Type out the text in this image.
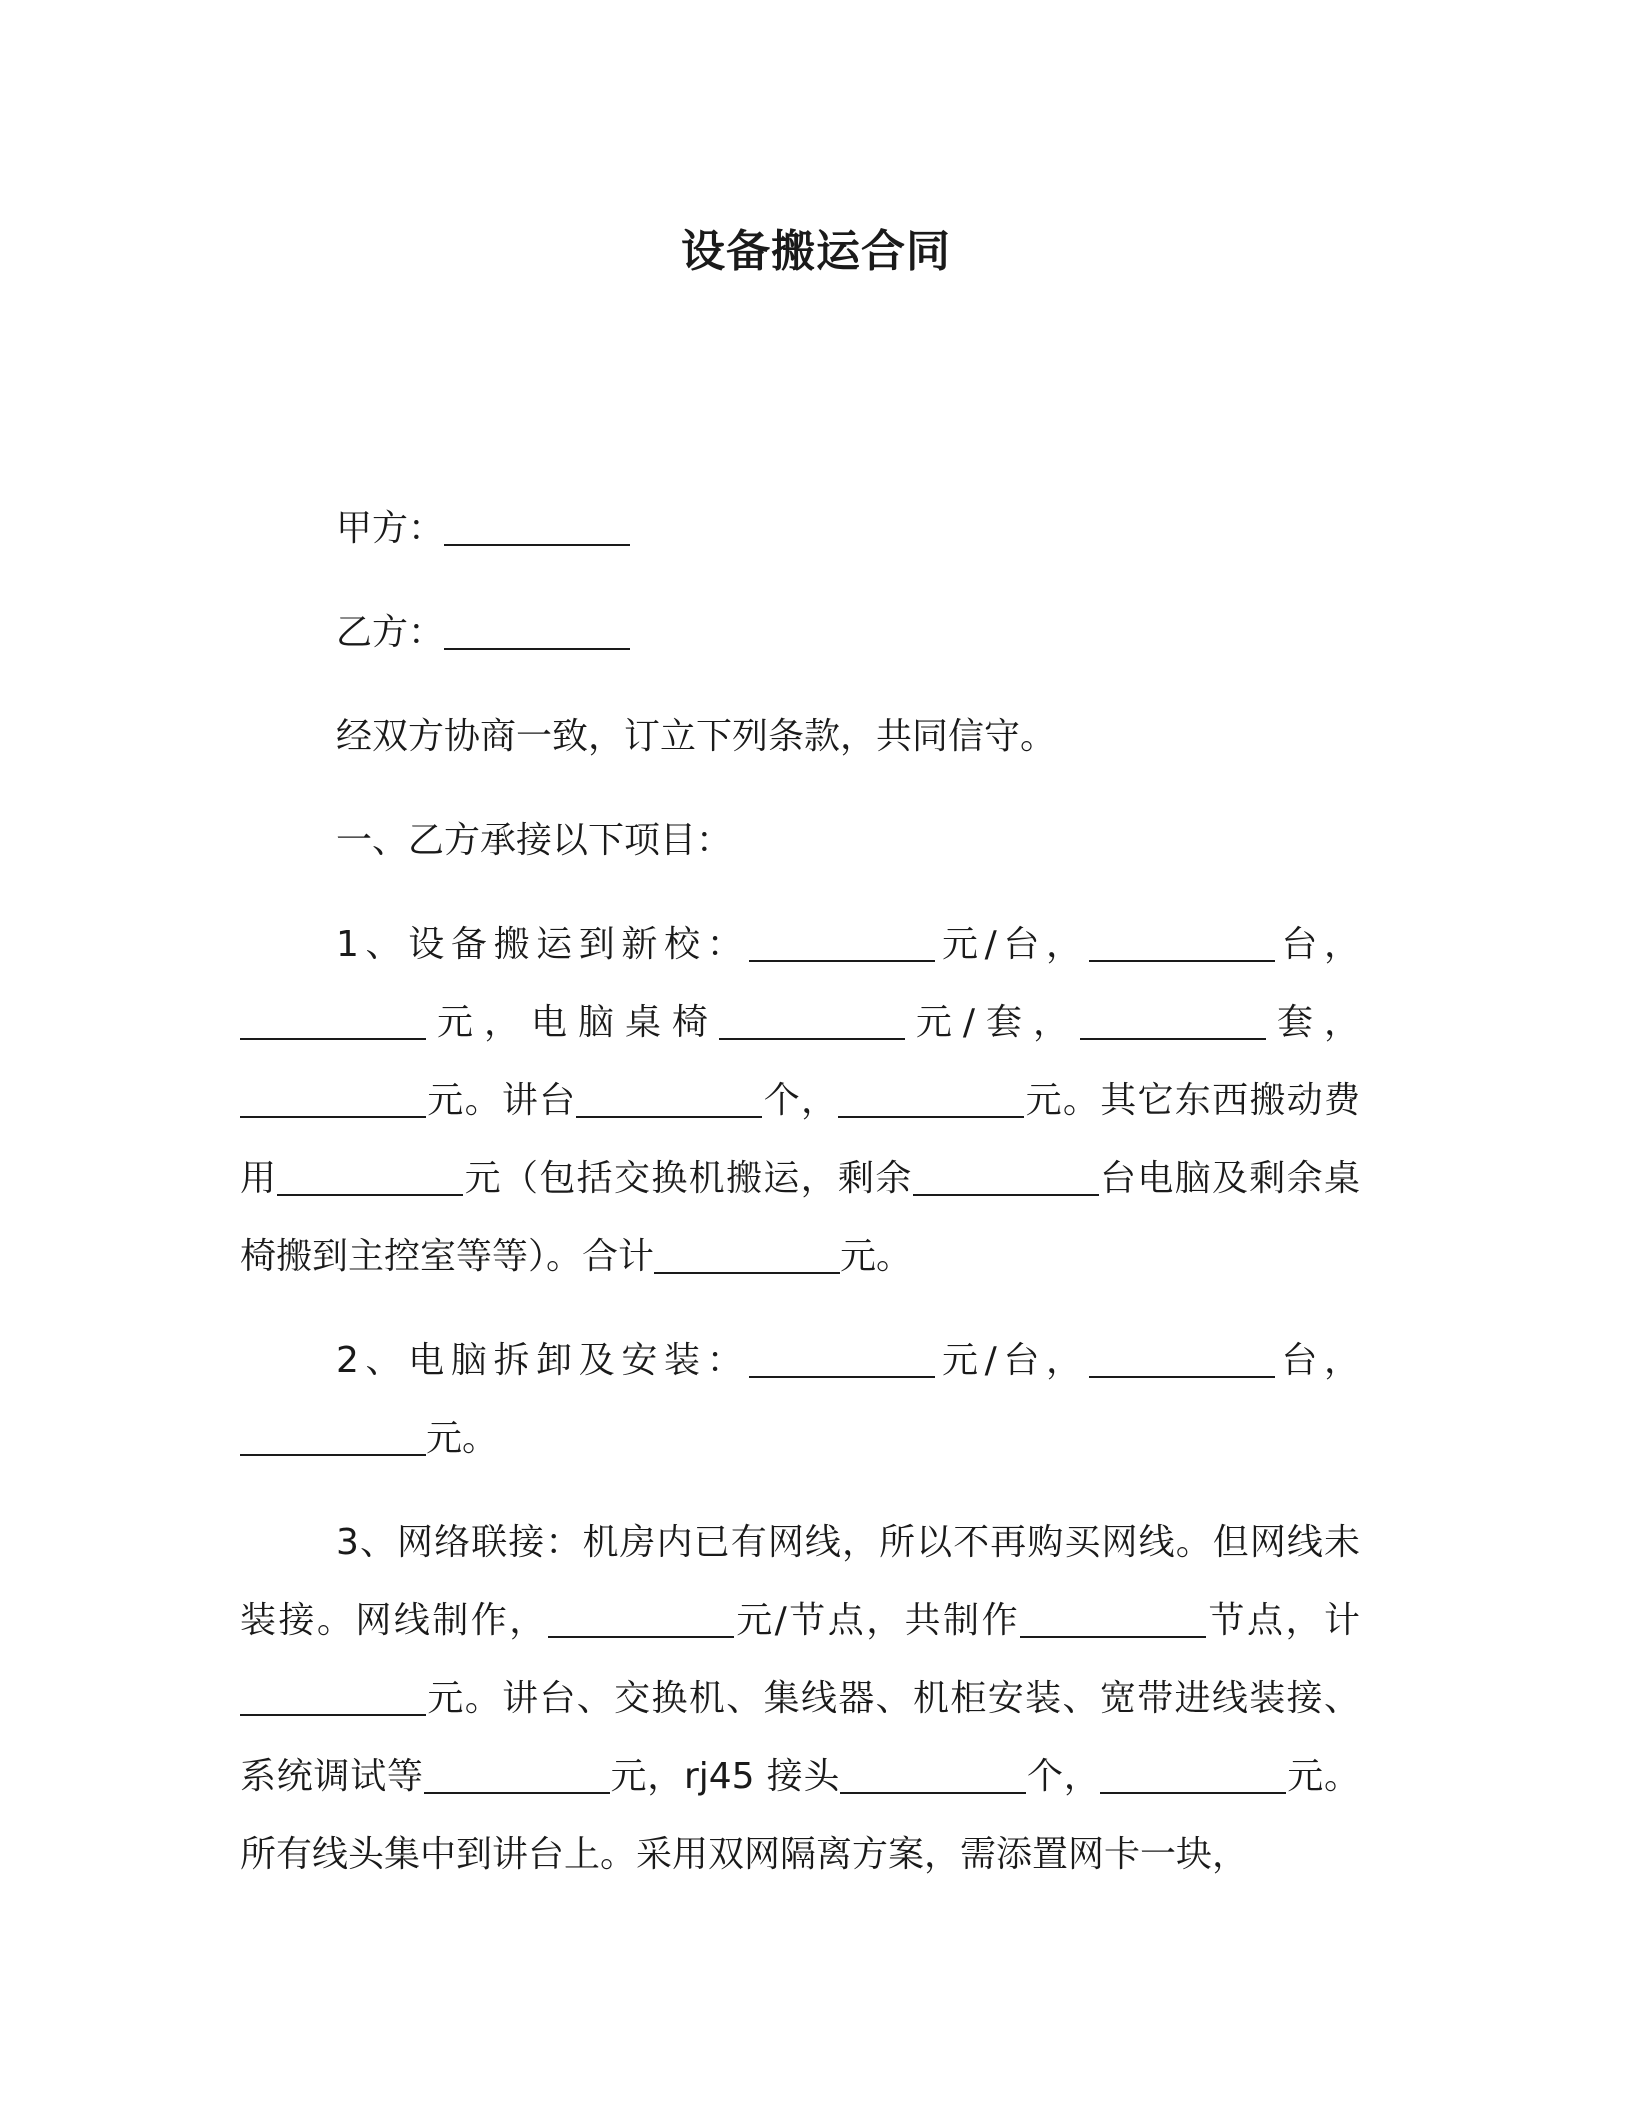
设备搬运合同

甲方：

乙方：

经双方协商一致，订立下列条款，共同信守。

一、乙方承接以下项目：

1、设备搬运到新校：	元/台，	台，元，电脑桌椅	元/套，	套，元。讲台	个，	元。其它东西搬动费用	元（包括交换机搬运，剩余	台电脑及剩余桌椅搬到主控室等等）。合计	元。

2、电脑拆卸及安装：	元/台，	台，元。

3、网络联接：机房内已有网线，所以不再购买网线。但网线未装接。网线制作，	元/节点，共制作	节点，计元。讲台、交换机、集线器、机柜安装、宽带进线装接、系统调试等	元，rj45 接头	个，	元。所有线头集中到讲台上。采用双网隔离方案，需添置网卡一块，
